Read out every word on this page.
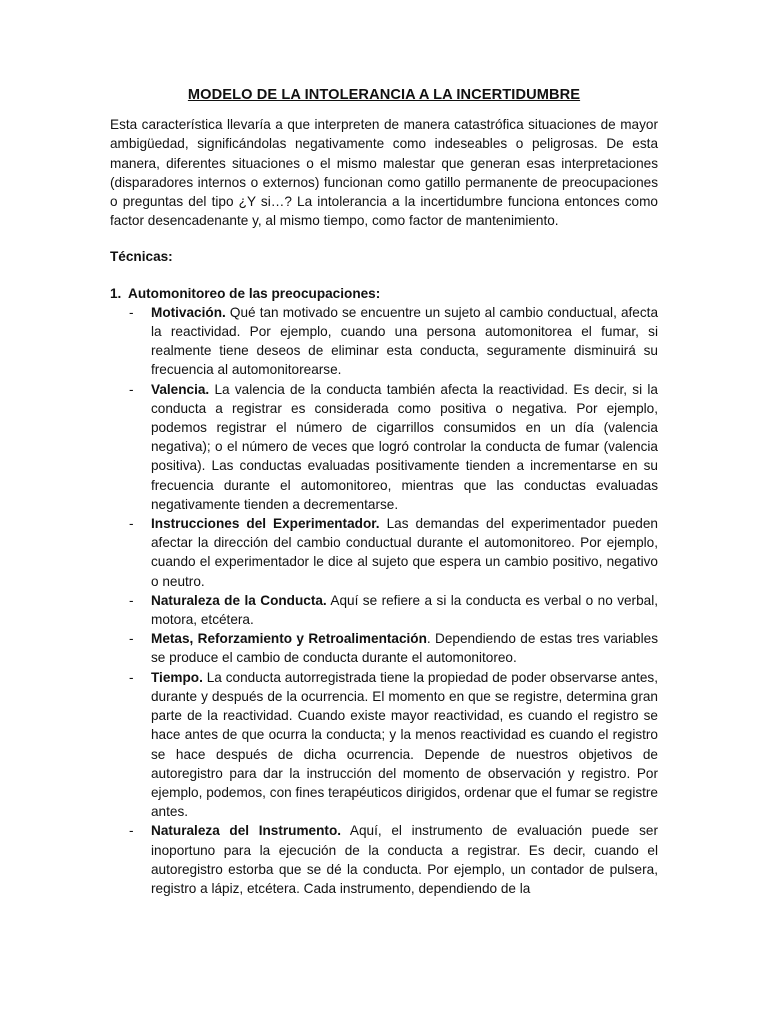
MODELO DE LA INTOLERANCIA A LA INCERTIDUMBRE

Esta característica llevaría a que interpreten de manera catastrófica situaciones de mayor ambigüedad, significándolas negativamente como indeseables o peligrosas. De esta manera, diferentes situaciones o el mismo malestar que generan esas interpretaciones (disparadores internos o externos) funcionan como gatillo permanente de preocupaciones o preguntas del tipo ¿Y si…? La intolerancia a la incertidumbre funciona entonces como factor desencadenante y, al mismo tiempo, como factor de mantenimiento.

Técnicas:

1. Automonitoreo de las preocupaciones:
- Motivación. Qué tan motivado se encuentre un sujeto al cambio conductual, afecta la reactividad. Por ejemplo, cuando una persona automonitorea el fumar, si realmente tiene deseos de eliminar esta conducta, seguramente disminuirá su frecuencia al automonitorearse.
- Valencia. La valencia de la conducta también afecta la reactividad. Es decir, si la conducta a registrar es considerada como positiva o negativa. Por ejemplo, podemos registrar el número de cigarrillos consumidos en un día (valencia negativa); o el número de veces que logró controlar la conducta de fumar (valencia positiva). Las conductas evaluadas positivamente tienden a incrementarse en su frecuencia durante el automonitoreo, mientras que las conductas evaluadas negativamente tienden a decrementarse.
- Instrucciones del Experimentador. Las demandas del experimentador pueden afectar la dirección del cambio conductual durante el automonitoreo. Por ejemplo, cuando el experimentador le dice al sujeto que espera un cambio positivo, negativo o neutro.
- Naturaleza de la Conducta. Aquí se refiere a si la conducta es verbal o no verbal, motora, etcétera.
- Metas, Reforzamiento y Retroalimentación. Dependiendo de estas tres variables se produce el cambio de conducta durante el automonitoreo.
- Tiempo. La conducta autorregistrada tiene la propiedad de poder observarse antes, durante y después de la ocurrencia. El momento en que se registre, determina gran parte de la reactividad. Cuando existe mayor reactividad, es cuando el registro se hace antes de que ocurra la conducta; y la menos reactividad es cuando el registro se hace después de dicha ocurrencia. Depende de nuestros objetivos de autoregistro para dar la instrucción del momento de observación y registro. Por ejemplo, podemos, con fines terapéuticos dirigidos, ordenar que el fumar se registre antes.
- Naturaleza del Instrumento. Aquí, el instrumento de evaluación puede ser inoportuno para la ejecución de la conducta a registrar. Es decir, cuando el autoregistro estorba que se dé la conducta. Por ejemplo, un contador de pulsera, registro a lápiz, etcétera. Cada instrumento, dependiendo de la
